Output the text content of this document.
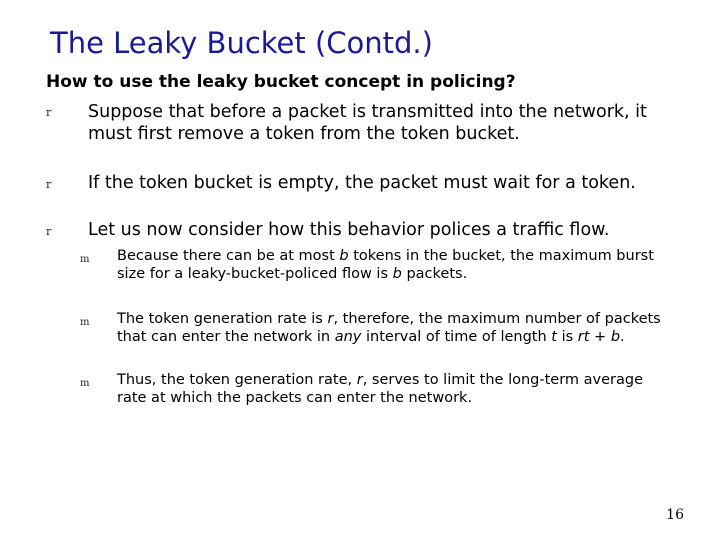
The Leaky Bucket (Contd.)
How to use the leaky bucket concept in policing?
r Suppose that before a packet is transmitted into the network, it must first remove a token from the token bucket.
r If the token bucket is empty, the packet must wait for a token.
r Let us now consider how this behavior polices a traffic flow.
m Because there can be at most b tokens in the bucket, the maximum burst size for a leaky-bucket-policed flow is b packets.
m The token generation rate is r, therefore, the maximum number of packets that can enter the network in any interval of time of length t is rt + b.
m Thus, the token generation rate, r, serves to limit the long-term average rate at which the packets can enter the network.
16
